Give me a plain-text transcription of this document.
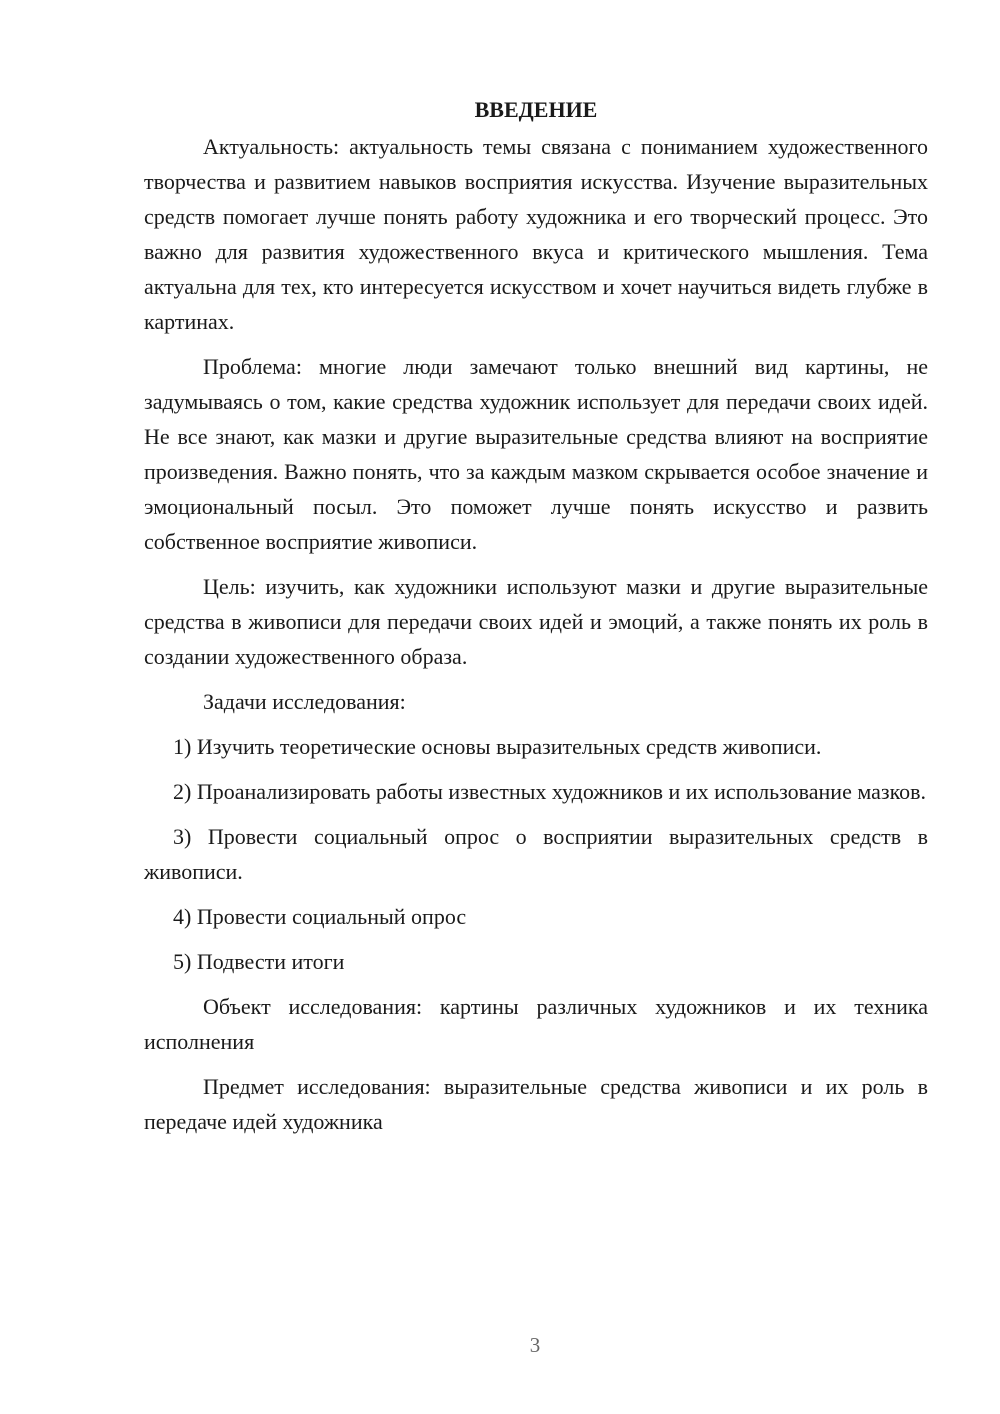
ВВЕДЕНИЕ

Актуальность: актуальность темы связана с пониманием художественного творчества и развитием навыков восприятия искусства. Изучение выразительных средств помогает лучше понять работу художника и его творческий процесс. Это важно для развития художественного вкуса и критического мышления. Тема актуальна для тех, кто интересуется искусством и хочет научиться видеть глубже в картинах.

Проблема: многие люди замечают только внешний вид картины, не задумываясь о том, какие средства художник использует для передачи своих идей. Не все знают, как мазки и другие выразительные средства влияют на восприятие произведения. Важно понять, что за каждым мазком скрывается особое значение и эмоциональный посыл. Это поможет лучше понять искусство и развить собственное восприятие живописи.

Цель: изучить, как художники используют мазки и другие выразительные средства в живописи для передачи своих идей и эмоций, а также понять их роль в создании художественного образа.

Задачи исследования:

1) Изучить теоретические основы выразительных средств живописи.

2) Проанализировать работы известных художников и их использование мазков.

3) Провести социальный опрос о восприятии выразительных средств в живописи.

4) Провести социальный опрос

5) Подвести итоги

Объект исследования: картины различных художников и их техника исполнения

Предмет исследования: выразительные средства живописи и их роль в передаче идей художника

3
